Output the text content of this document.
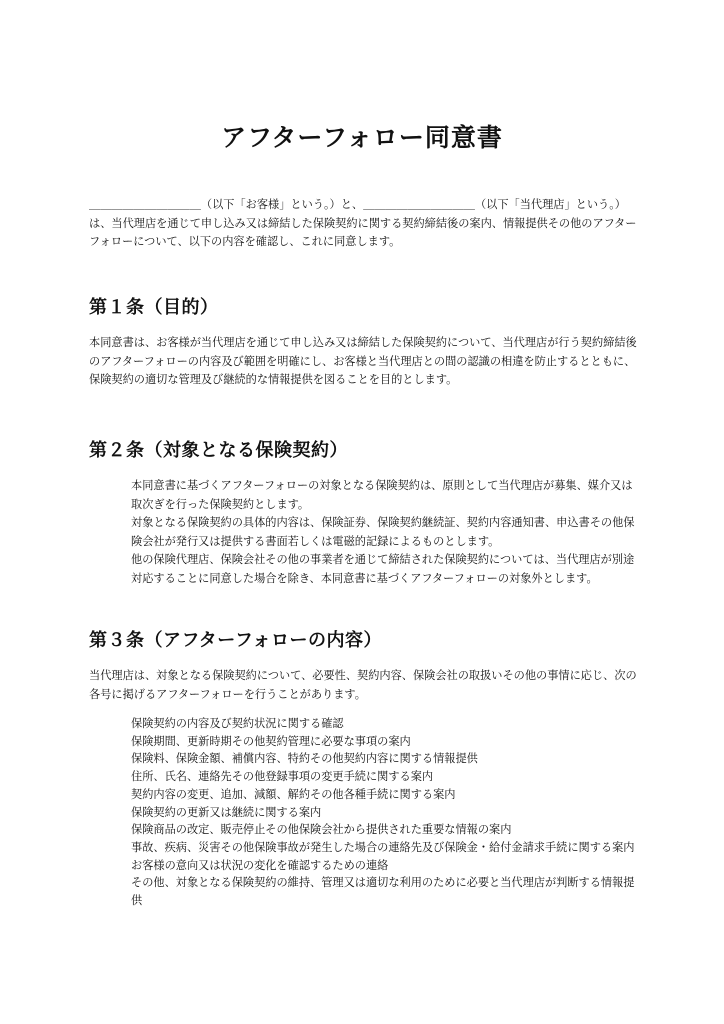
アフターフォロー同意書

＿＿＿＿＿＿＿＿＿＿（以下「お客様」という。）と、＿＿＿＿＿＿＿＿＿＿（以下「当代理店」という。）は、当代理店を通じて申し込み又は締結した保険契約に関する契約締結後の案内、情報提供その他のアフターフォローについて、以下の内容を確認し、これに同意します。

第１条（目的）

本同意書は、お客様が当代理店を通じて申し込み又は締結した保険契約について、当代理店が行う契約締結後のアフターフォローの内容及び範囲を明確にし、お客様と当代理店との間の認識の相違を防止するとともに、保険契約の適切な管理及び継続的な情報提供を図ることを目的とします。

第２条（対象となる保険契約）

本同意書に基づくアフターフォローの対象となる保険契約は、原則として当代理店が募集、媒介又は取次ぎを行った保険契約とします。

対象となる保険契約の具体的内容は、保険証券、保険契約継続証、契約内容通知書、申込書その他保険会社が発行又は提供する書面若しくは電磁的記録によるものとします。

他の保険代理店、保険会社その他の事業者を通じて締結された保険契約については、当代理店が別途対応することに同意した場合を除き、本同意書に基づくアフターフォローの対象外とします。

第３条（アフターフォローの内容）

当代理店は、対象となる保険契約について、必要性、契約内容、保険会社の取扱いその他の事情に応じ、次の各号に掲げるアフターフォローを行うことがあります。

保険契約の内容及び契約状況に関する確認
保険期間、更新時期その他契約管理に必要な事項の案内
保険料、保険金額、補償内容、特約その他契約内容に関する情報提供
住所、氏名、連絡先その他登録事項の変更手続に関する案内
契約内容の変更、追加、減額、解約その他各種手続に関する案内
保険契約の更新又は継続に関する案内
保険商品の改定、販売停止その他保険会社から提供された重要な情報の案内
事故、疾病、災害その他保険事故が発生した場合の連絡先及び保険金・給付金請求手続に関する案内
お客様の意向又は状況の変化を確認するための連絡
その他、対象となる保険契約の維持、管理又は適切な利用のために必要と当代理店が判断する情報提供
